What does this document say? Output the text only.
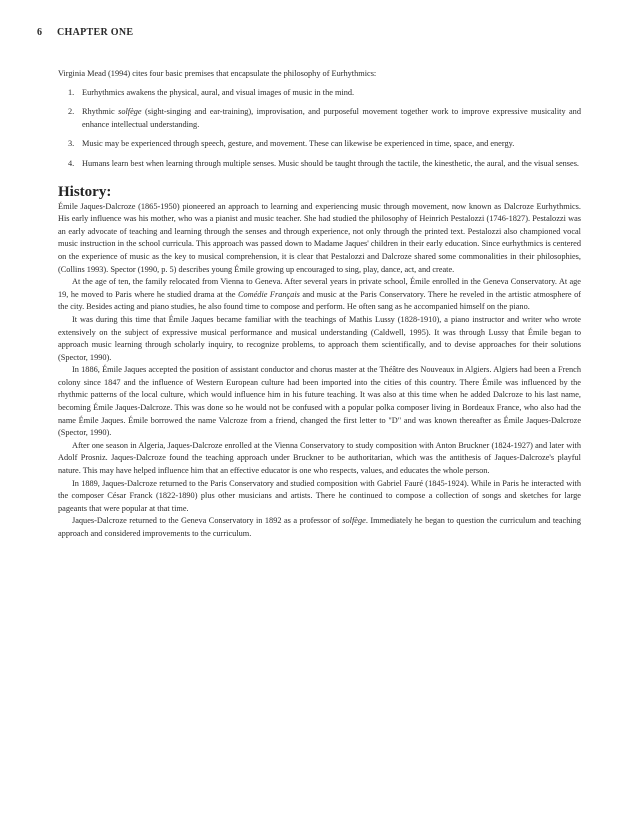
6 CHAPTER ONE

Virginia Mead (1994) cites four basic premises that encapsulate the philosophy of Eurhythmics:

1. Eurhythmics awakens the physical, aural, and visual images of music in the mind.
2. Rhythmic solfège (sight-singing and ear-training), improvisation, and purposeful movement together work to improve expressive musicality and enhance intellectual understanding.
3. Music may be experienced through speech, gesture, and movement. These can likewise be experienced in time, space, and energy.
4. Humans learn best when learning through multiple senses. Music should be taught through the tactile, the kinesthetic, the aural, and the visual senses.
History:

Émile Jaques-Dalcroze (1865-1950) pioneered an approach to learning and experiencing music through movement, now known as Dalcroze Eurhythmics. His early influence was his mother, who was a pianist and music teacher. She had studied the philosophy of Heinrich Pestalozzi (1746-1827). Pestalozzi was an early advocate of teaching and learning through the senses and through experience, not only through the printed text. Pestalozzi also championed vocal music instruction in the school curricula. This approach was passed down to Madame Jaques' children in their early education. Since eurhythmics is centered on the experience of music as the key to musical comprehension, it is clear that Pestalozzi and Dalcroze shared some commonalities in their philosophies, (Collins 1993). Spector (1990, p. 5) describes young Émile growing up encouraged to sing, play, dance, act, and create.

At the age of ten, the family relocated from Vienna to Geneva. After several years in private school, Émile enrolled in the Geneva Conservatory. At age 19, he moved to Paris where he studied drama at the Comédie Français and music at the Paris Conservatory. There he reveled in the artistic atmosphere of the city. Besides acting and piano studies, he also found time to compose and perform. He often sang as he accompanied himself on the piano.

It was during this time that Émile Jaques became familiar with the teachings of Mathis Lussy (1828-1910), a piano instructor and writer who wrote extensively on the subject of expressive musical performance and musical understanding (Caldwell, 1995). It was through Lussy that Émile began to approach music learning through scholarly inquiry, to recognize problems, to approach them scientifically, and to devise approaches for their solutions (Spector, 1990).

In 1886, Émile Jaques accepted the position of assistant conductor and chorus master at the Théâtre des Nouveaux in Algiers. Algiers had been a French colony since 1847 and the influence of Western European culture had been imported into the cities of this country. There Émile was influenced by the rhythmic patterns of the local culture, which would influence him in his future teaching. It was also at this time when he added Dalcroze to his last name, becoming Émile Jaques-Dalcroze. This was done so he would not be confused with a popular polka composer living in Bordeaux France, who also had the name Émile Jaques. Émile borrowed the name Valcroze from a friend, changed the first letter to "D" and was known thereafter as Émile Jaques-Dalcroze (Spector, 1990).

After one season in Algeria, Jaques-Dalcroze enrolled at the Vienna Conservatory to study composition with Anton Bruckner (1824-1927) and later with Adolf Prosniz. Jaques-Dalcroze found the teaching approach under Bruckner to be authoritarian, which was the antithesis of Jaques-Dalcroze's playful nature. This may have helped influence him that an effective educator is one who respects, values, and educates the whole person.

In 1889, Jaques-Dalcroze returned to the Paris Conservatory and studied composition with Gabriel Fauré (1845-1924). While in Paris he interacted with the composer César Franck (1822-1890) plus other musicians and artists. There he continued to compose a collection of songs and sketches for large pageants that were popular at that time.

Jaques-Dalcroze returned to the Geneva Conservatory in 1892 as a professor of solfège. Immediately he began to question the curriculum and teaching approach and considered improvements to the curriculum.
